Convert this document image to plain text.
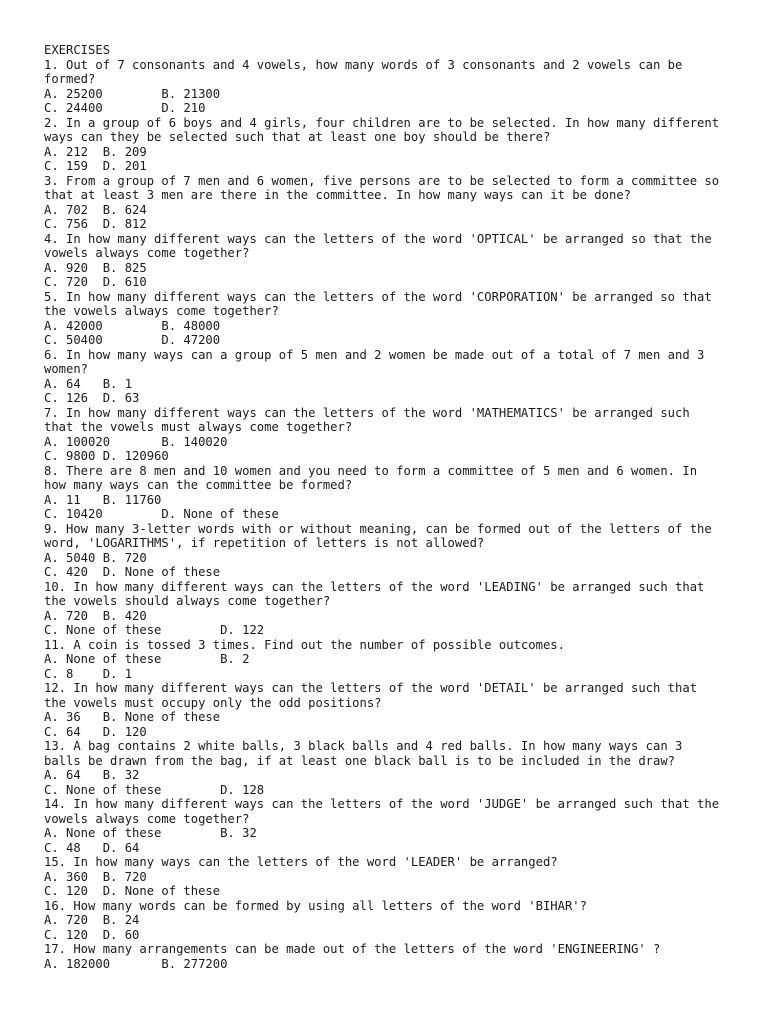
EXERCISES
1. Out of 7 consonants and 4 vowels, how many words of 3 consonants and 2 vowels can be
formed?
A. 25200        B. 21300
C. 24400        D. 210
2. In a group of 6 boys and 4 girls, four children are to be selected. In how many different
ways can they be selected such that at least one boy should be there?
A. 212  B. 209
C. 159  D. 201
3. From a group of 7 men and 6 women, five persons are to be selected to form a committee so
that at least 3 men are there in the committee. In how many ways can it be done?
A. 702  B. 624
C. 756  D. 812
4. In how many different ways can the letters of the word 'OPTICAL' be arranged so that the
vowels always come together?
A. 920  B. 825
C. 720  D. 610
5. In how many different ways can the letters of the word 'CORPORATION' be arranged so that
the vowels always come together?
A. 42000        B. 48000
C. 50400        D. 47200
6. In how many ways can a group of 5 men and 2 women be made out of a total of 7 men and 3
women?
A. 64   B. 1
C. 126  D. 63
7. In how many different ways can the letters of the word 'MATHEMATICS' be arranged such
that the vowels must always come together?
A. 100020       B. 140020
C. 9800 D. 120960
8. There are 8 men and 10 women and you need to form a committee of 5 men and 6 women. In
how many ways can the committee be formed?
A. 11   B. 11760
C. 10420        D. None of these
9. How many 3-letter words with or without meaning, can be formed out of the letters of the
word, 'LOGARITHMS', if repetition of letters is not allowed?
A. 5040 B. 720
C. 420  D. None of these
10. In how many different ways can the letters of the word 'LEADING' be arranged such that
the vowels should always come together?
A. 720  B. 420
C. None of these        D. 122
11. A coin is tossed 3 times. Find out the number of possible outcomes.
A. None of these        B. 2
C. 8    D. 1
12. In how many different ways can the letters of the word 'DETAIL' be arranged such that
the vowels must occupy only the odd positions?
A. 36   B. None of these
C. 64   D. 120
13. A bag contains 2 white balls, 3 black balls and 4 red balls. In how many ways can 3
balls be drawn from the bag, if at least one black ball is to be included in the draw?
A. 64   B. 32
C. None of these        D. 128
14. In how many different ways can the letters of the word 'JUDGE' be arranged such that the
vowels always come together?
A. None of these        B. 32
C. 48   D. 64
15. In how many ways can the letters of the word 'LEADER' be arranged?
A. 360  B. 720
C. 120  D. None of these
16. How many words can be formed by using all letters of the word 'BIHAR'?
A. 720  B. 24
C. 120  D. 60
17. How many arrangements can be made out of the letters of the word 'ENGINEERING' ?
A. 182000       B. 277200
